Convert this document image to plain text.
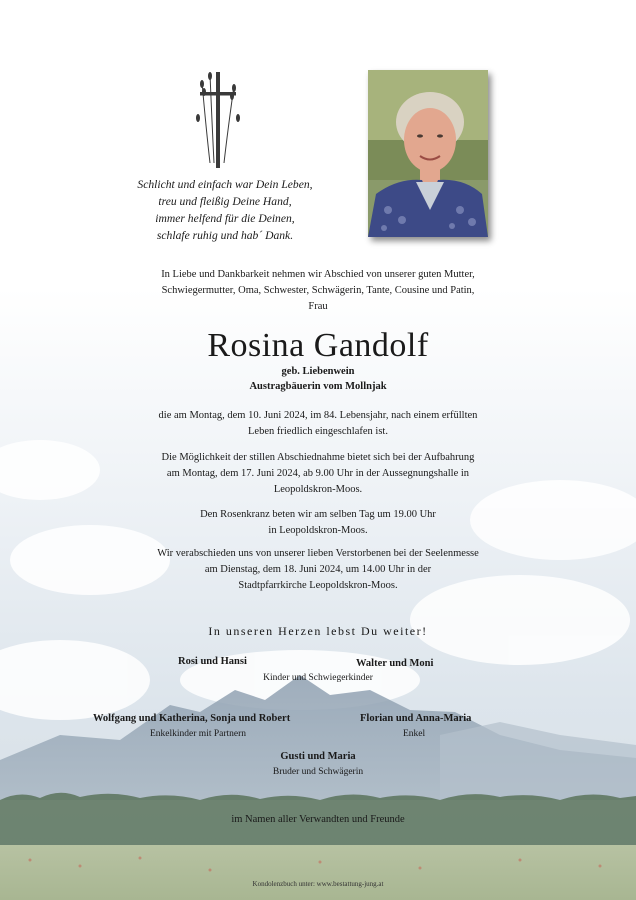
Schlicht und einfach war Dein Leben,
treu und fleißig Deine Hand,
immer helfend für die Deinen,
schlafe ruhig und hab´ Dank.
In Liebe und Dankbarkeit nehmen wir Abschied von unserer guten Mutter,
Schwiegermutter, Oma, Schwester, Schwägerin, Tante, Cousine und Patin,
Frau
Rosina Gandolf
geb. Liebenwein
Austragbäuerin vom Mollnjak
die am Montag, dem 10. Juni 2024, im 84. Lebensjahr, nach einem erfüllten
Leben friedlich eingeschlafen ist.
Die Möglichkeit der stillen Abschiednahme bietet sich bei der Aufbahrung
am Montag, dem 17. Juni 2024, ab 9.00 Uhr in der Aussegnungshalle in
Leopoldskron-Moos.
Den Rosenkranz beten wir am selben Tag um 19.00 Uhr
in Leopoldskron-Moos.
Wir verabschieden uns von unserer lieben Verstorbenen bei der Seelenmesse
am Dienstag, dem 18. Juni 2024, um 14.00 Uhr in der
Stadtpfarrkirche Leopoldskron-Moos.
In unseren Herzen lebst Du weiter!
Rosi und Hansi	Walter und Moni
Kinder und Schwiegerkinder
Wolfgang und Katherina, Sonja und Robert
Enkelkinder mit Partnern
Florian und Anna-Maria
Enkel
Gusti und Maria
Bruder und Schwägerin
im Namen aller Verwandten und Freunde
Kondolenzbuch unter: www.bestattung-jung.at
